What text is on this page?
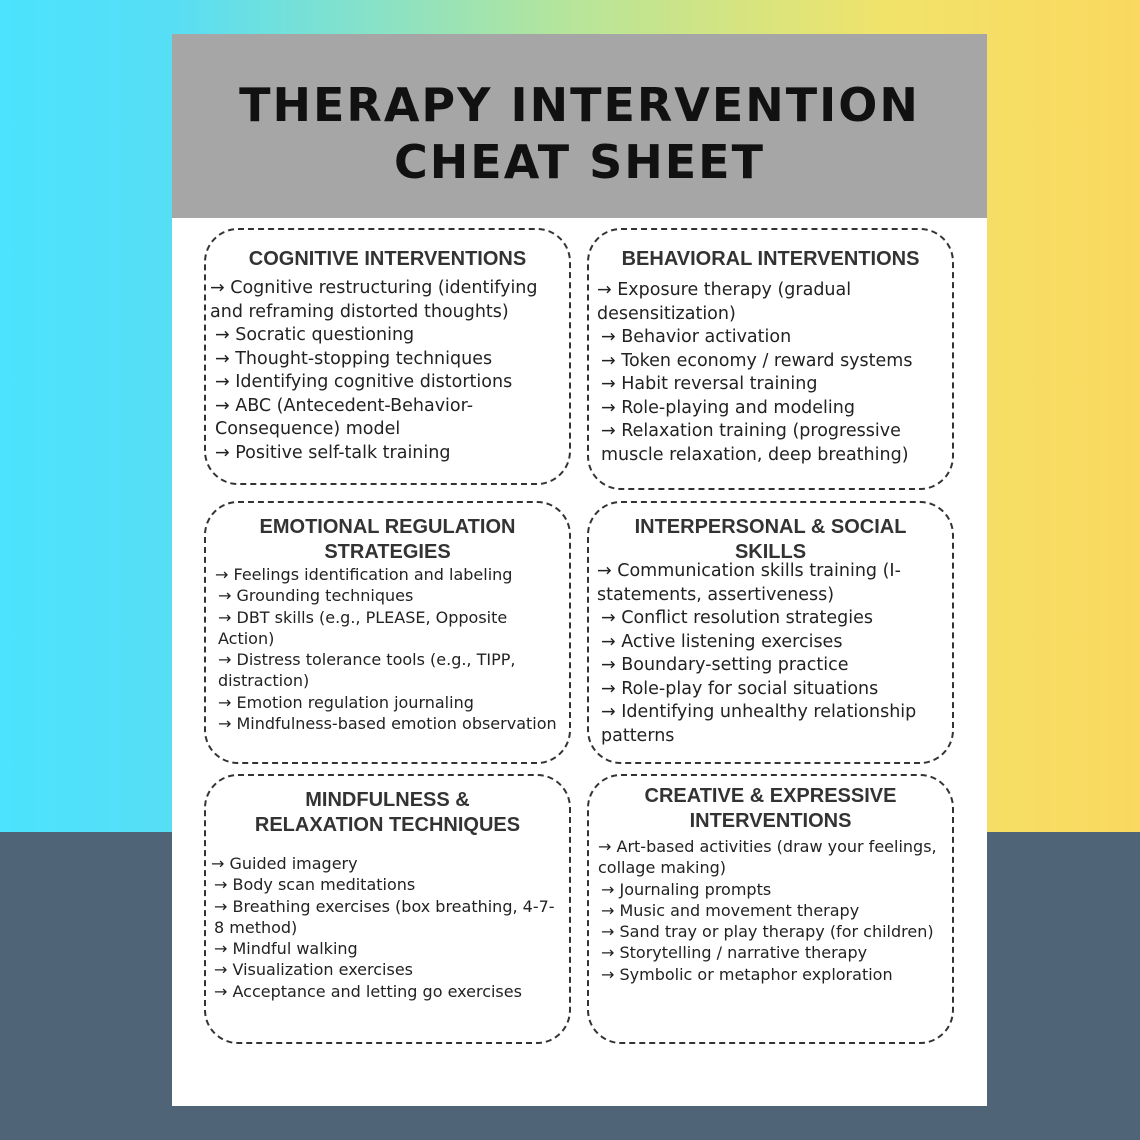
THERAPY INTERVENTION
CHEAT SHEET
COGNITIVE INTERVENTIONS
→ Cognitive restructuring (identifying and reframing distorted thoughts)
→ Socratic questioning
→ Thought-stopping techniques
→ Identifying cognitive distortions
→ ABC (Antecedent-Behavior-Consequence) model
→ Positive self-talk training
BEHAVIORAL INTERVENTIONS
→ Exposure therapy (gradual desensitization)
→ Behavior activation
→ Token economy / reward systems
→ Habit reversal training
→ Role-playing and modeling
→ Relaxation training (progressive muscle relaxation, deep breathing)
EMOTIONAL REGULATION
STRATEGIES
→ Feelings identification and labeling
→ Grounding techniques
→ DBT skills (e.g., PLEASE, Opposite Action)
→ Distress tolerance tools (e.g., TIPP, distraction)
→ Emotion regulation journaling
→ Mindfulness-based emotion observation
INTERPERSONAL & SOCIAL
SKILLS
→ Communication skills training (I-statements, assertiveness)
→ Conflict resolution strategies
→ Active listening exercises
→ Boundary-setting practice
→ Role-play for social situations
→ Identifying unhealthy relationship patterns
MINDFULNESS &
RELAXATION TECHNIQUES
→ Guided imagery
→ Body scan meditations
→ Breathing exercises (box breathing, 4-7-8 method)
→ Mindful walking
→ Visualization exercises
→ Acceptance and letting go exercises
CREATIVE & EXPRESSIVE
INTERVENTIONS
→ Art-based activities (draw your feelings, collage making)
→ Journaling prompts
→ Music and movement therapy
→ Sand tray or play therapy (for children)
→ Storytelling / narrative therapy
→ Symbolic or metaphor exploration
